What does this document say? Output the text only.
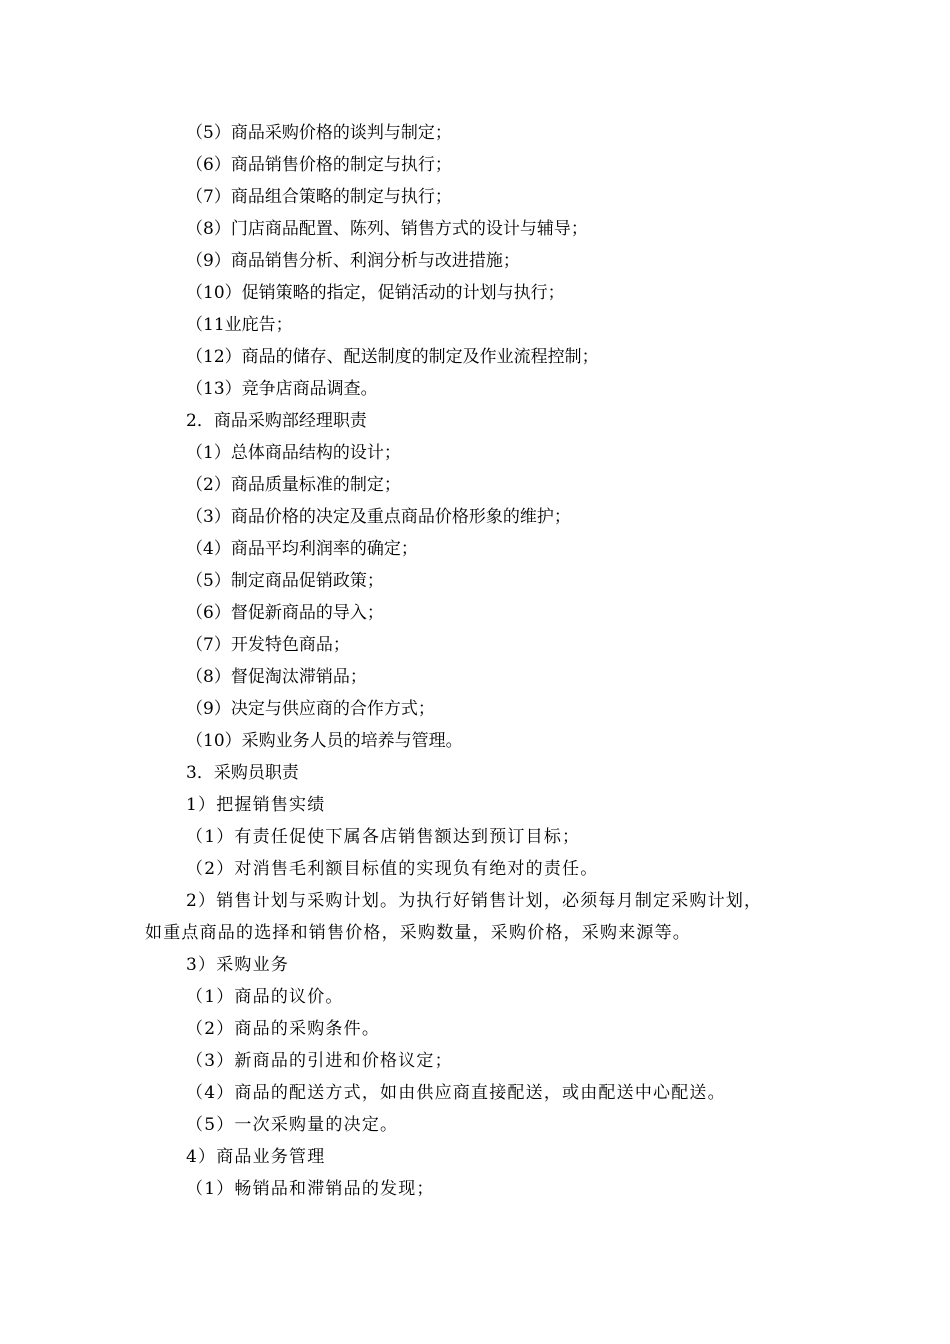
（5）商品采购价格的谈判与制定；
（6）商品销售价格的制定与执行；
（7）商品组合策略的制定与执行；
（8）门店商品配置、陈列、销售方式的设计与辅导；
（9）商品销售分析、利润分析与改进措施；
（10）促销策略的指定，促销活动的计划与执行；
（11业庇告；
（12）商品的储存、配送制度的制定及作业流程控制；
（13）竞争店商品调查。
2．商品采购部经理职责
（1）总体商品结构的设计；
（2）商品质量标准的制定；
（3）商品价格的决定及重点商品价格形象的维护；
（4）商品平均利润率的确定；
（5）制定商品促销政策；
（6）督促新商品的导入；
（7）开发特色商品；
（8）督促淘汰滞销品；
（9）决定与供应商的合作方式；
（10）采购业务人员的培养与管理。
3．采购员职责
1）把握销售实绩
（1）有责任促使下属各店销售额达到预订目标；
（2）对消售毛利额目标值的实现负有绝对的责任。
2）销售计划与采购计划。为执行好销售计划，必须每月制定采购计划，
如重点商品的选择和销售价格，采购数量，采购价格，采购来源等。
3）采购业务
（1）商品的议价。
（2）商品的采购条件。
（3）新商品的引进和价格议定；
（4）商品的配送方式，如由供应商直接配送，或由配送中心配送。
（5）一次采购量的决定。
4）商品业务管理
（1）畅销品和滞销品的发现；
